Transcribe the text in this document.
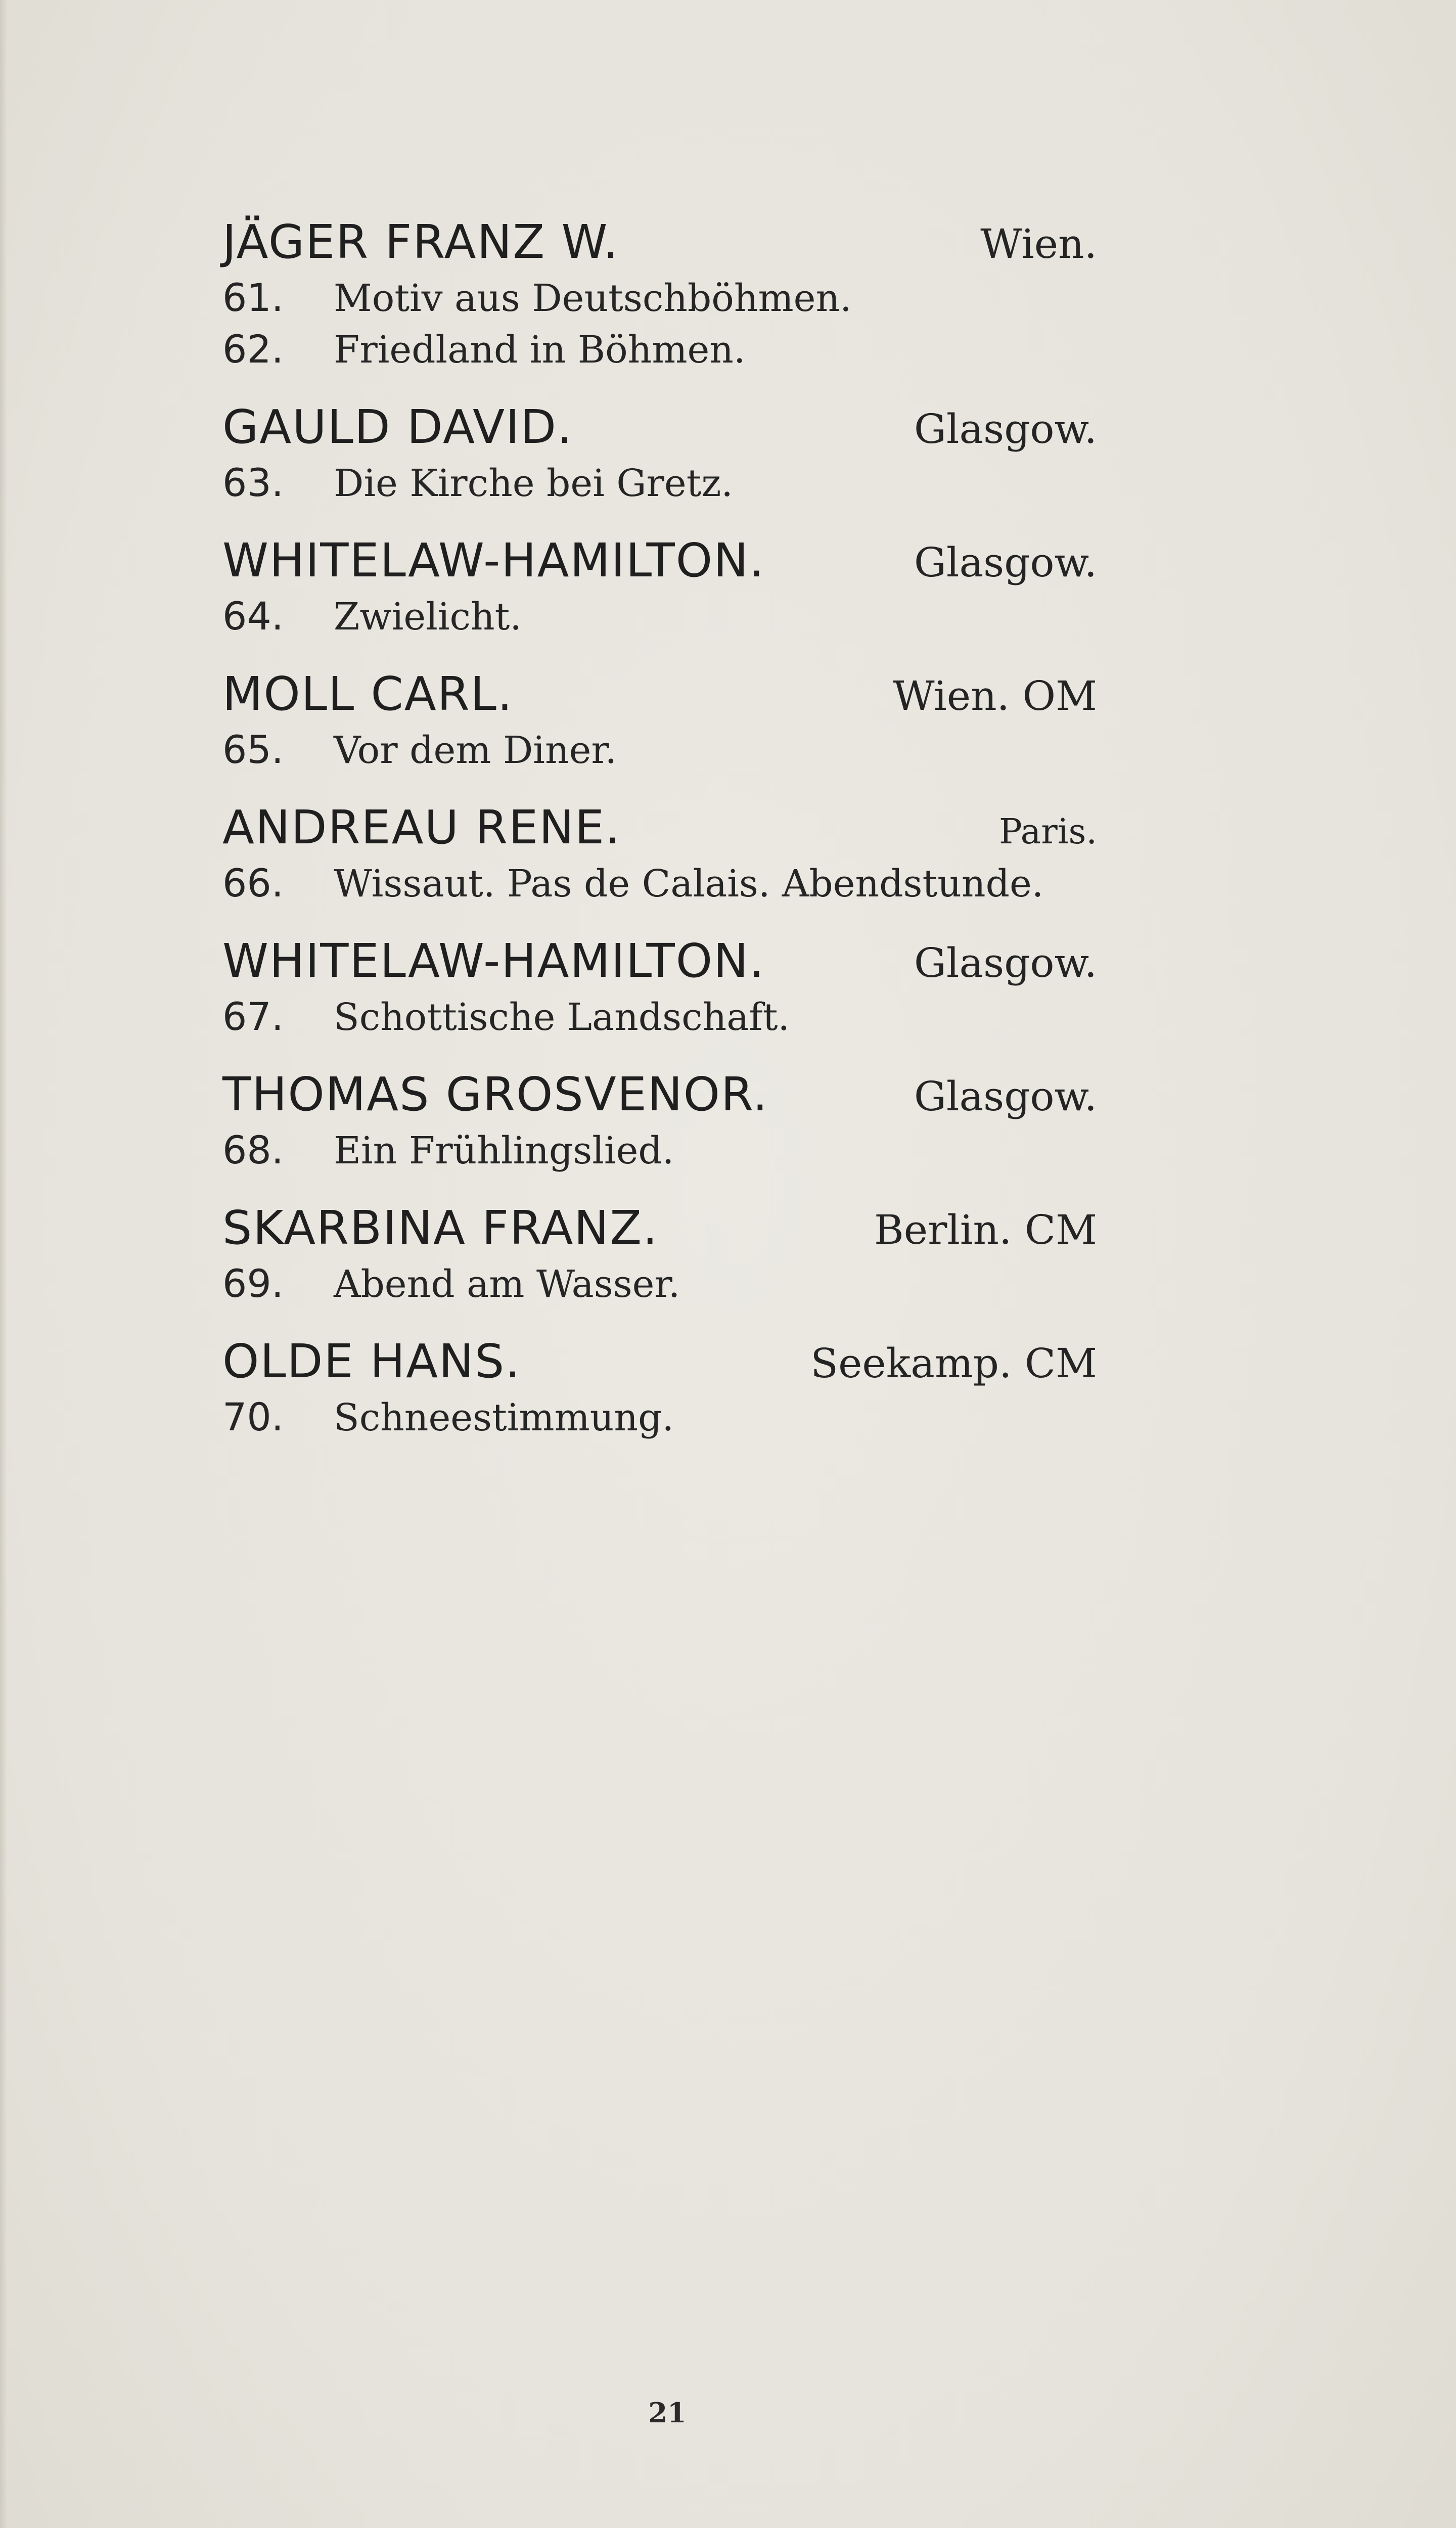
JÄGER FRANZ W.	Wien.
61.	Motiv aus Deutschböhmen.
62.	Friedland in Böhmen.
GAULD DAVID.	Glasgow.
63.	Die Kirche bei Gretz.
WHITELAW-HAMILTON.	Glasgow.
64.	Zwielicht.
MOLL CARL.	Wien. OM
65.	Vor dem Diner.
ANDREAU RENE.	Paris.
66.	Wissaut. Pas de Calais. Abendstunde.
WHITELAW-HAMILTON.	Glasgow.
67.	Schottische Landschaft.
THOMAS GROSVENOR.	Glasgow.
68.	Ein Frühlingslied.
SKARBINA FRANZ.	Berlin. CM
69.	Abend am Wasser.
OLDE HANS.	Seekamp. CM
70.	Schneestimmung.
21
